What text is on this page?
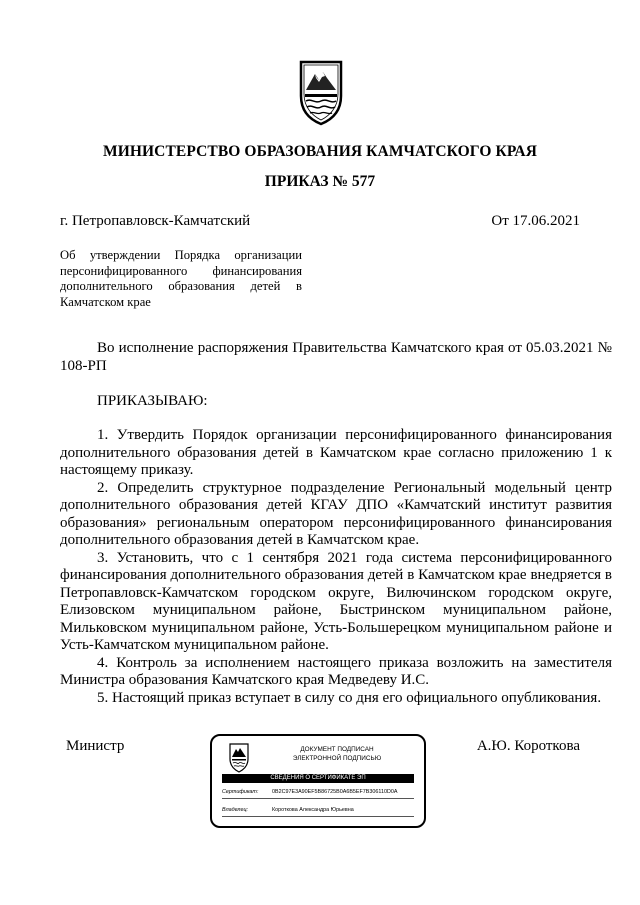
МИНИСТЕРСТВО ОБРАЗОВАНИЯ КАМЧАТСКОГО КРАЯ
ПРИКАЗ № 577
г. Петропавловск-Камчатский	От 17.06.2021
Об утверждении Порядка организации персонифицированного финансирования дополнительного образования детей в Камчатском крае
Во исполнение распоряжения Правительства Камчатского края от 05.03.2021 № 108-РП
ПРИКАЗЫВАЮ:

1. Утвердить Порядок организации персонифицированного финансирования дополнительного образования детей в Камчатском крае согласно приложению 1 к настоящему приказу.

2. Определить структурное подразделение Региональный модельный центр дополнительного образования детей КГАУ ДПО «Камчатский институт развития образования» региональным оператором персонифицированного финансирования дополнительного образования детей в Камчатском крае.

3. Установить, что с 1 сентября 2021 года система персонифицированного финансирования дополнительного образования детей в Камчатском крае внедряется в Петропавловск-Камчатском городском округе, Вилючинском городском округе, Елизовском муниципальном районе, Быстринском муниципальном районе, Мильковском муниципальном районе, Усть-Большерецком муниципальном районе и Усть-Камчатском муниципальном районе.

4. Контроль за исполнением настоящего приказа возложить на заместителя Министра образования Камчатского края Медведеву И.С.

5. Настоящий приказ вступает в силу со дня его официального опубликования.

Министр	А.Ю. Короткова
ДОКУМЕНТ ПОДПИСАН
ЭЛЕКТРОННОЙ ПОДПИСЬЮ
СВЕДЕНИЯ О СЕРТИФИКАТЕ ЭП
Сертификат:	0B2C97E3A90EF5B86725B0A6B5EF7B306110D0A
Владелец:	Короткова Александра Юрьевна
